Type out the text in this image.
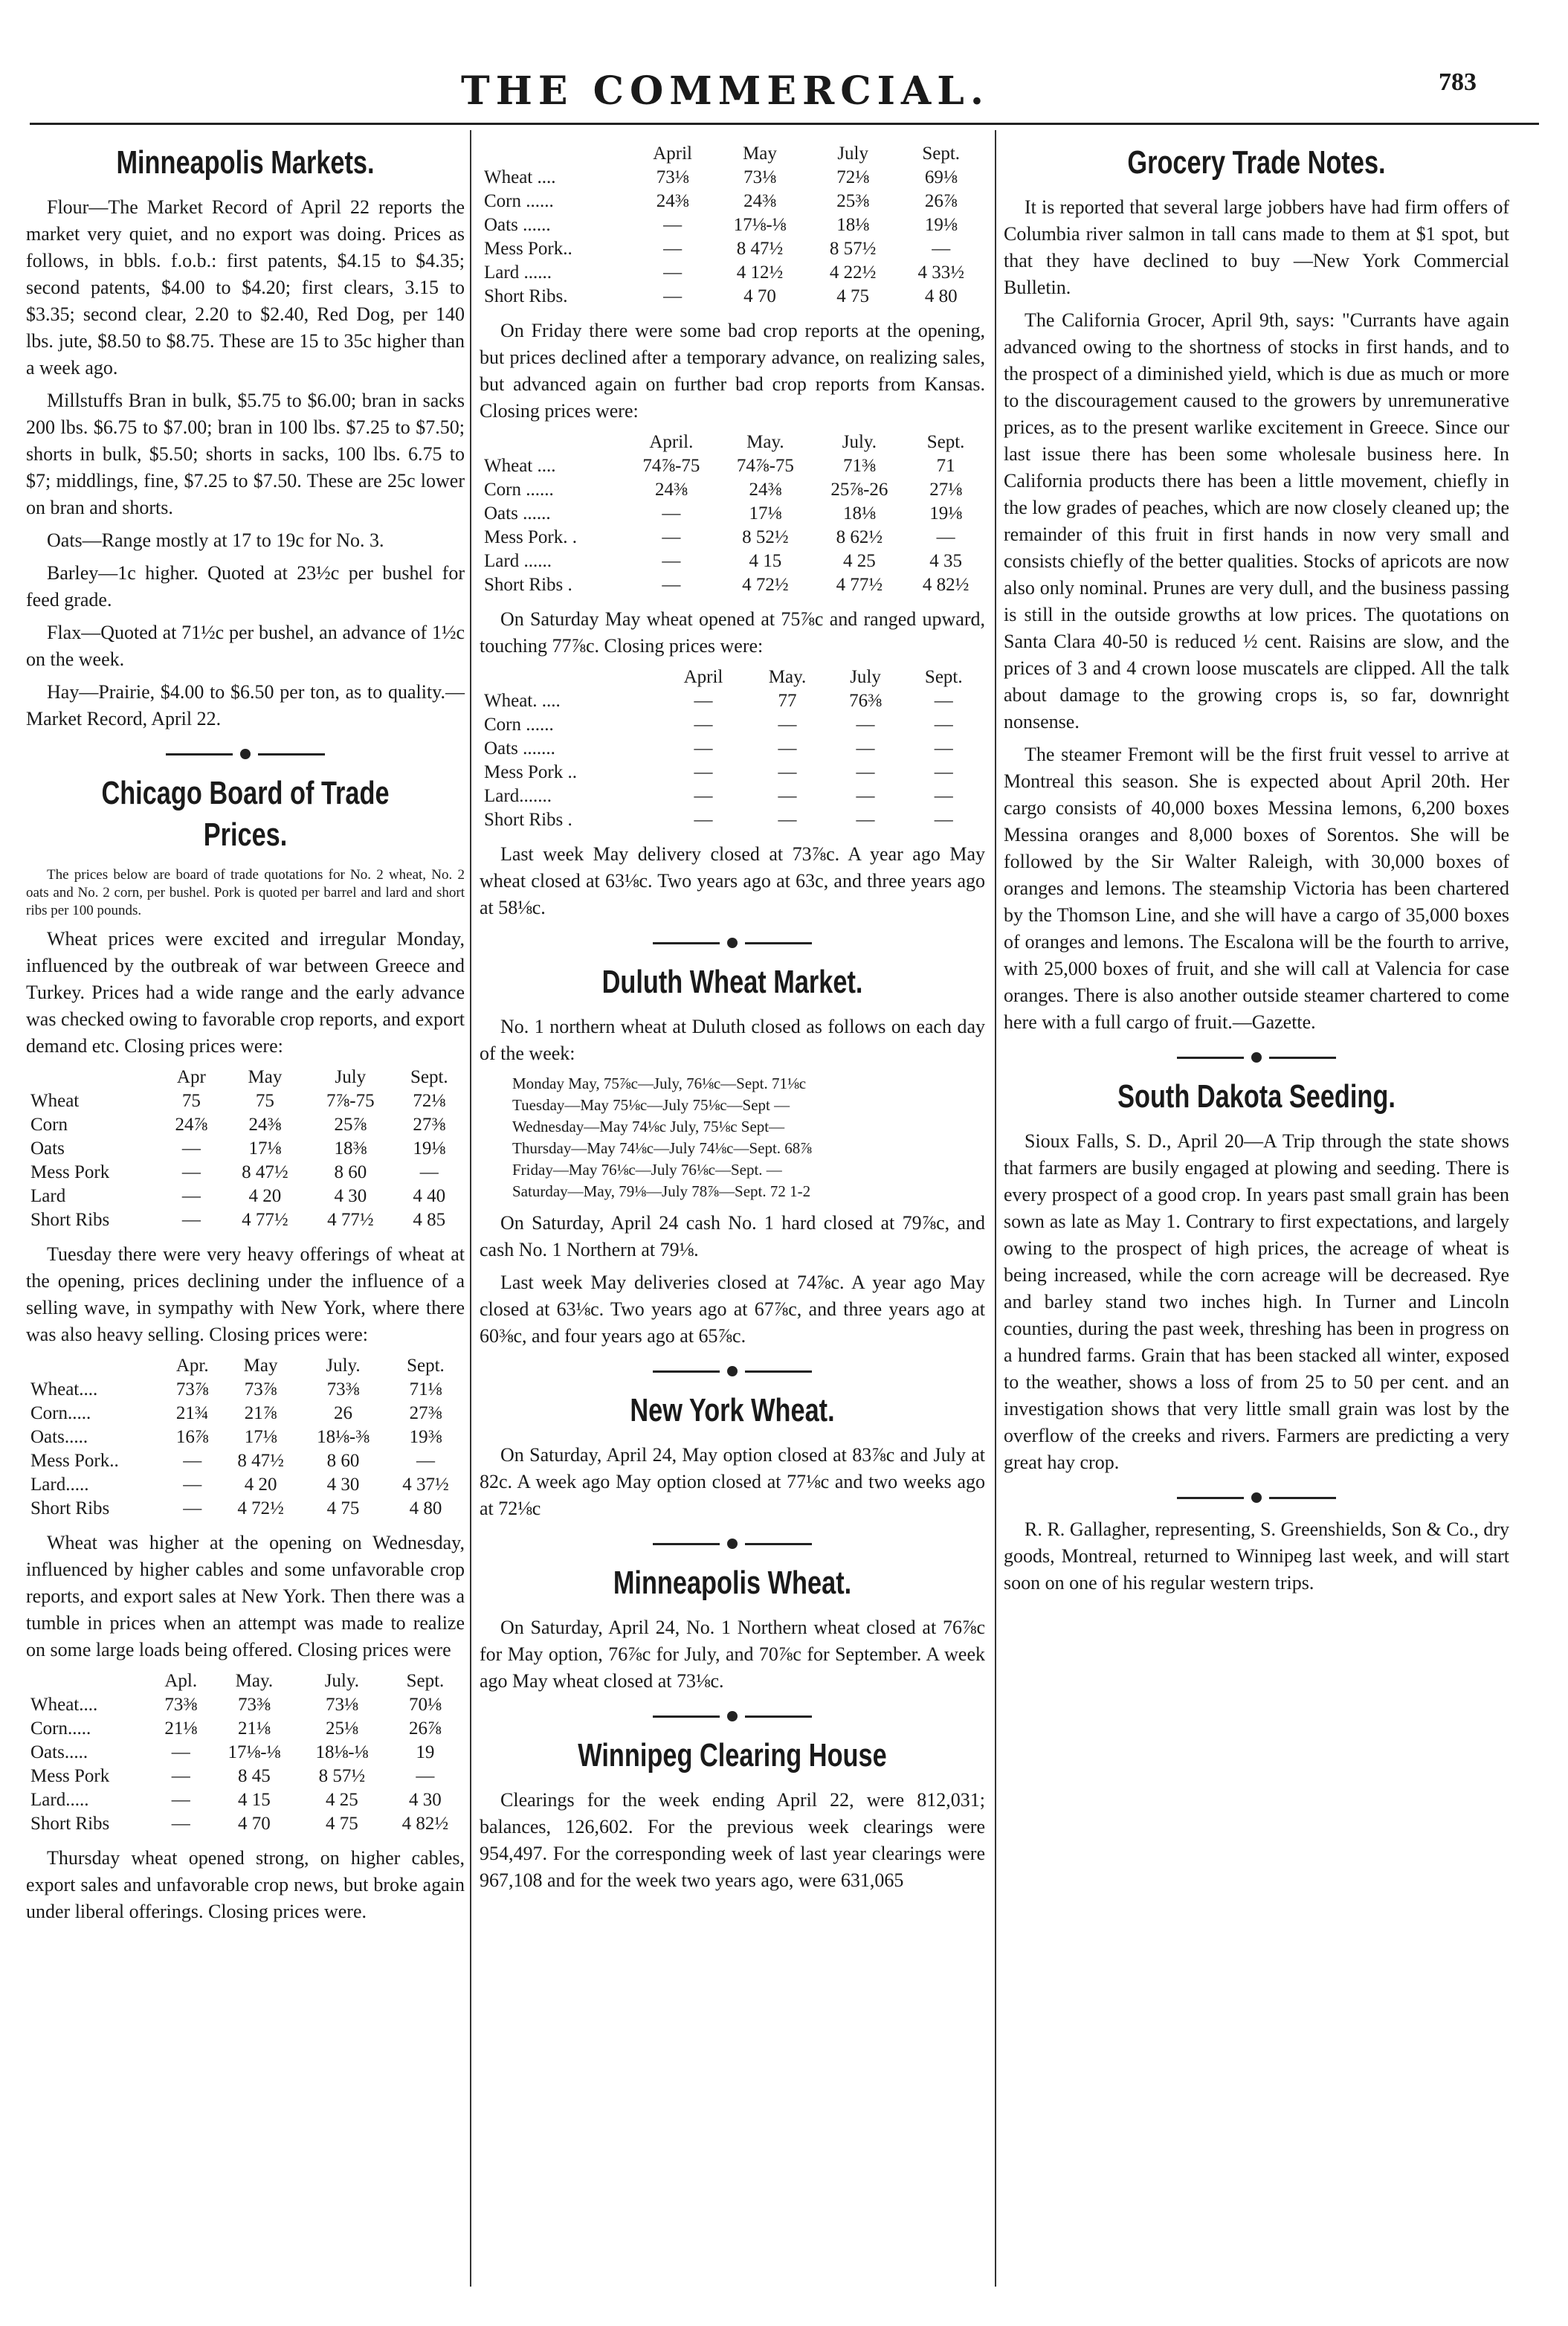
THE COMMERCIAL.	783
Minneapolis Markets.

Flour—The Market Record of April 22 reports the market very quiet, and no export was doing. Prices as follows, in bbls. f.o.b.: first patents, $4.15 to $4.35; second patents, $4.00 to $4.20; first clears, 3.15 to $3.35; second clear, 2.20 to $2.40, Red Dog, per 140 lbs. jute, $8.50 to $8.75. These are 15 to 35c higher than a week ago.

Millstuffs Bran in bulk, $5.75 to $6.00; bran in sacks 200 lbs. $6.75 to $7.00; bran in 100 lbs. $7.25 to $7.50; shorts in bulk, $5.50; shorts in sacks, 100 lbs. 6.75 to $7; middlings, fine, $7.25 to $7.50. These are 25c lower on bran and shorts.

Oats—Range mostly at 17 to 19c for No. 3.

Barley—1c higher. Quoted at 23½c per bushel for feed grade.

Flax—Quoted at 71½c per bushel, an advance of 1½c on the week.

Hay—Prairie, $4.00 to $6.50 per ton, as to quality.—Market Record, April 22.

Chicago Board of Trade Prices.

The prices below are board of trade quotations for No. 2 wheat, No. 2 oats and No. 2 corn, per bushel. Pork is quoted per barrel and lard and short ribs per 100 pounds.

Wheat prices were excited and irregular Monday, influenced by the outbreak of war between Greece and Turkey. Prices had a wide range and the early advance was checked owing to favorable crop reports, and export demand etc. Closing prices were:

	Apr	May	July	Sept.
Wheat	75	75	7⅞-75	72⅛
Corn	24⅞	24⅜	25⅞	27⅜
Oats	—	17⅛	18⅜	19⅛
Mess Pork	—	8 47½	8 60	—
Lard	—	4 20	4 30	4 40
Short Ribs	—	4 77½	4 77½	4 85

Tuesday there were very heavy offerings of wheat at the opening, prices declining under the influence of a selling wave, in sympathy with New York, where there was also heavy selling. Closing prices were:

	Apr.	May	July.	Sept.
Wheat....	73⅞	73⅞	73⅜	71⅛
Corn.....	21¾	21⅞	26	27⅜
Oats.....	16⅞	17⅛	18⅛-⅜	19⅜
Mess Pork..	—	8 47½	8 60	—
Lard.....	—	4 20	4 30	4 37½
Short Ribs	—	4 72½	4 75	4 80

Wheat was higher at the opening on Wednesday, influenced by higher cables and some unfavorable crop reports, and export sales at New York. Then there was a tumble in prices when an attempt was made to realize on some large loads being offered. Closing prices were

	Apl.	May.	July.	Sept.
Wheat....	73⅜	73⅜	73⅛	70⅛
Corn.....	21⅛	21⅛	25⅛	26⅞
Oats.....	—	17⅛-⅛	18⅛-⅛	19
Mess Pork	—	8 45	8 57½	—
Lard.....	—	4 15	4 25	4 30
Short Ribs	—	4 70	4 75	4 82½

Thursday wheat opened strong, on higher cables, export sales and unfavorable crop news, but broke again under liberal offerings. Closing prices were.

	April	May	July	Sept.
Wheat ....	73⅛	73⅛	72⅛	69⅛
Corn ......	24⅜	24⅜	25⅜	26⅞
Oats ......	—	17⅛-⅛	18⅛	19⅛
Mess Pork..	—	8 47½	8 57½	—
Lard ......	—	4 12½	4 22½	4 33½
Short Ribs.	—	4 70	4 75	4 80

On Friday there were some bad crop reports at the opening, but prices declined after a temporary advance, on realizing sales, but advanced again on further bad crop reports from Kansas. Closing prices were:

	April.	May.	July.	Sept.
Wheat ....	74⅞-75	74⅞-75	71⅜	71
Corn ......	24⅜	24⅜	25⅞-26	27⅛
Oats ......	—	17⅛	18⅛	19⅛
Mess Pork. .	—	8 52½	8 62½	—
Lard ......	—	4 15	4 25	4 35
Short Ribs .	—	4 72½	4 77½	4 82½

On Saturday May wheat opened at 75⅞c and ranged upward, touching 77⅞c. Closing prices were:

	April	May.	July	Sept.
Wheat. ....	—	77	76⅜	—
Corn ......	—	—	—	—
Oats .......	—	—	—	—
Mess Pork ..	—	—	—	—
Lard.......	—	—	—	—
Short Ribs .	—	—	—	—

Last week May delivery closed at 73⅞c. A year ago May wheat closed at 63⅛c. Two years ago at 63c, and three years ago at 58⅛c.

Duluth Wheat Market.

No. 1 northern wheat at Duluth closed as follows on each day of the week:

Monday May, 75⅞c—July, 76⅛c—Sept. 71⅛c
Tuesday—May 75⅛c—July 75⅛c—Sept —
Wednesday—May 74⅛c July, 75⅛c Sept—
Thursday—May 74⅛c—July 74⅛c—Sept. 68⅞
Friday—May 76⅛c—July 76⅛c—Sept. —
Saturday—May, 79⅛—July 78⅞—Sept. 72 1-2

On Saturday, April 24 cash No. 1 hard closed at 79⅞c, and cash No. 1 Northern at 79⅛.

Last week May deliveries closed at 74⅞c. A year ago May closed at 63⅛c. Two years ago at 67⅞c, and three years ago at 60⅜c, and four years ago at 65⅞c.

New York Wheat.

On Saturday, April 24, May option closed at 83⅞c and July at 82c. A week ago May option closed at 77⅛c and two weeks ago at 72⅛c

Minneapolis Wheat.

On Saturday, April 24, No. 1 Northern wheat closed at 76⅞c for May option, 76⅞c for July, and 70⅞c for September. A week ago May wheat closed at 73⅛c.

Winnipeg Clearing House

Clearings for the week ending April 22, were 812,031; balances, 126,602. For the previous week clearings were 954,497. For the corresponding week of last year clearings were 967,108 and for the week two years ago, were 631,065

Grocery Trade Notes.

It is reported that several large jobbers have had firm offers of Columbia river salmon in tall cans made to them at $1 spot, but that they have declined to buy —New York Commercial Bulletin.

The California Grocer, April 9th, says: "Currants have again advanced owing to the shortness of stocks in first hands, and to the prospect of a diminished yield, which is due as much or more to the discouragement caused to the growers by unremunerative prices, as to the present warlike excitement in Greece. Since our last issue there has been some wholesale business here. In California products there has been a little movement, chiefly in the low grades of peaches, which are now closely cleaned up; the remainder of this fruit in first hands in now very small and consists chiefly of the better qualities. Stocks of apricots are now also only nominal. Prunes are very dull, and the business passing is still in the outside growths at low prices. The quotations on Santa Clara 40-50 is reduced ½ cent. Raisins are slow, and the prices of 3 and 4 crown loose muscatels are clipped. All the talk about damage to the growing crops is, so far, downright nonsense.

The steamer Fremont will be the first fruit vessel to arrive at Montreal this season. She is expected about April 20th. Her cargo consists of 40,000 boxes Messina lemons, 6,200 boxes Messina oranges and 8,000 boxes of Sorentos. She will be followed by the Sir Walter Raleigh, with 30,000 boxes of oranges and lemons. The steamship Victoria has been chartered by the Thomson Line, and she will have a cargo of 35,000 boxes of oranges and lemons. The Escalona will be the fourth to arrive, with 25,000 boxes of fruit, and she will call at Valencia for case oranges. There is also another outside steamer chartered to come here with a full cargo of fruit.—Gazette.

South Dakota Seeding.

Sioux Falls, S. D., April 20—A Trip through the state shows that farmers are busily engaged at plowing and seeding. There is every prospect of a good crop. In years past small grain has been sown as late as May 1. Contrary to first expectations, and largely owing to the prospect of high prices, the acreage of wheat is being increased, while the corn acreage will be decreased. Rye and barley stand two inches high. In Turner and Lincoln counties, during the past week, threshing has been in progress on a hundred farms. Grain that has been stacked all winter, exposed to the weather, shows a loss of from 25 to 50 per cent. and an investigation shows that very little small grain was lost by the overflow of the creeks and rivers. Farmers are predicting a very great hay crop.

R. R. Gallagher, representing, S. Greenshields, Son & Co., dry goods, Montreal, returned to Winnipeg last week, and will start soon on one of his regular western trips.
